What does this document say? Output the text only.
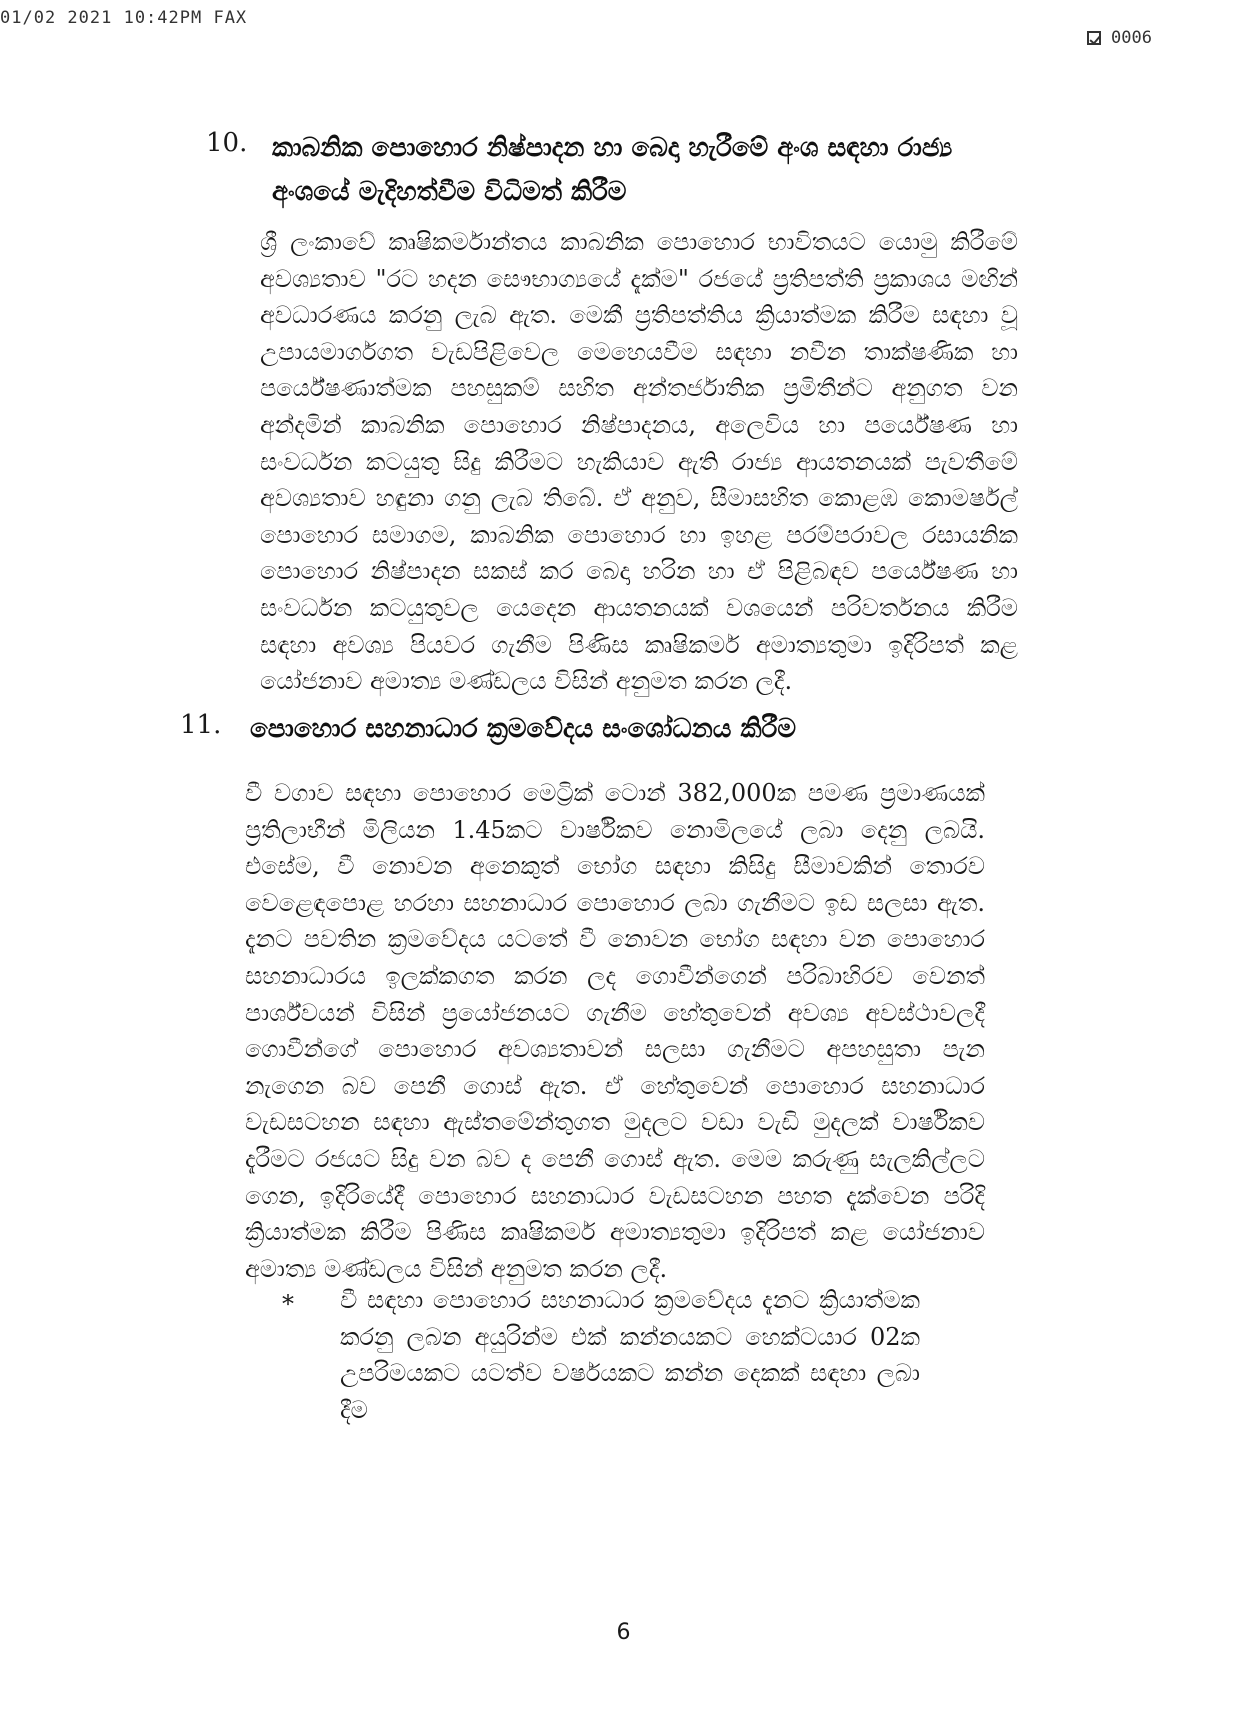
01/02 2021 10:42PM FAX
0006
10. කාබනික පොහොර නිෂ්පාදන හා බෙදා හැරීමේ අංශ සඳහා රාජ්‍ය අංශයේ මැදිහත්වීම විධිමත් කිරීම
ශ්‍රී ලංකාවේ කෘෂිකර්මාන්තය කාබනික පොහොර භාවිතයට යොමු කිරීමේ අවශ්‍යතාව "රට හදන සෞභාග්‍යයේ දැක්ම" රජයේ ප්‍රතිපත්ති ප්‍රකාශය මඟින් අවධාරණය කරනු ලැබ ඇත. මෙකී ප්‍රතිපත්තිය ක්‍රියාත්මක කිරීම සඳහා වූ උපායමාර්ගගත වැඩපිළිවෙල මෙහෙයවීම සඳහා නවීන තාක්ෂණික හා පර්යේෂණාත්මක පහසුකම් සහිත අන්තර්ජාතික ප්‍රමිතීන්ට අනුගත වන අන්දමින් කාබනික පොහොර නිෂ්පාදනය, අලෙවිය හා පර්යේෂණ හා සංවර්ධන කටයුතු සිදු කිරීමට හැකියාව ඇති රාජ්‍ය ආයතනයක් පැවතීමේ අවශ්‍යතාව හඳුනා ගනු ලැබ තිබේ. ඒ අනුව, සීමාසහිත කොළඹ කොමර්ෂල් පොහොර සමාගම, කාබනික පොහොර හා ඉහළ පරම්පරාවල රසායනික පොහොර නිෂ්පාදන සකස් කර බෙදා හරින හා ඒ පිළිබඳව පර්යේෂණ හා සංවර්ධන කටයුතුවල යෙදෙන ආයතනයක් වශයෙන් පරිවර්තනය කිරීම සඳහා අවශ්‍ය පියවර ගැනීම පිණිස කෘෂිකර්ම අමාත්‍යතුමා ඉදිරිපත් කළ යෝජනාව අමාත්‍ය මණ්ඩලය විසින් අනුමත කරන ලදී.
11. පොහොර සහනාධාර ක්‍රමවේදය සංශෝධනය කිරීම
වී වගාව සඳහා පොහොර මෙට්‍රික් ටොන් 382,000ක පමණ ප්‍රමාණයක් ප්‍රතිලාභීන් මිලියන 1.45කට වාර්ෂිකව නොමිලයේ ලබා දෙනු ලබයි. එසේම, වී නොවන අනෙකුත් භෝග සඳහා කිසිදු සීමාවකින් තොරව වෙළෙඳපොළ හරහා සහනාධාර පොහොර ලබා ගැනීමට ඉඩ සලසා ඇත. දැනට පවතින ක්‍රමවේදය යටතේ වී නොවන භෝග සඳහා වන පොහොර සහනාධාරය ඉලක්කගත කරන ලද ගොවීන්ගෙන් පරිබාහිරව වෙනත් පාර්ශ්වයන් විසින් ප්‍රයෝජනයට ගැනීම හේතුවෙන් අවශ්‍ය අවස්ථාවලදී ගොවීන්ගේ පොහොර අවශ්‍යතාවන් සලසා ගැනීමට අපහසුතා පැන නැගෙන බව පෙනී ගොස් ඇත. ඒ හේතුවෙන් පොහොර සහනාධාර වැඩසටහන සඳහා ඇස්තමේන්තුගත මුදලට වඩා වැඩි මුදලක් වාර්ෂිකව දැරීමට රජයට සිදු වන බව ද පෙනී ගොස් ඇත. මෙම කරුණු සැලකිල්ලට ගෙන, ඉදිරියේදී පොහොර සහනාධාර වැඩසටහන පහත දැක්වෙන පරිදි ක්‍රියාත්මක කිරීම පිණිස කෘෂිකර්ම අමාත්‍යතුමා ඉදිරිපත් කළ යෝජනාව අමාත්‍ය මණ්ඩලය විසින් අනුමත කරන ලදී.
* වී සඳහා පොහොර සහනාධාර ක්‍රමවේදය දැනට ක්‍රියාත්මක කරනු ලබන අයුරින්ම එක් කන්නයකට හෙක්ටයාර 02ක උපරිමයකට යටත්ව වර්ෂයකට කන්න දෙකක් සඳහා ලබා දීම
6
